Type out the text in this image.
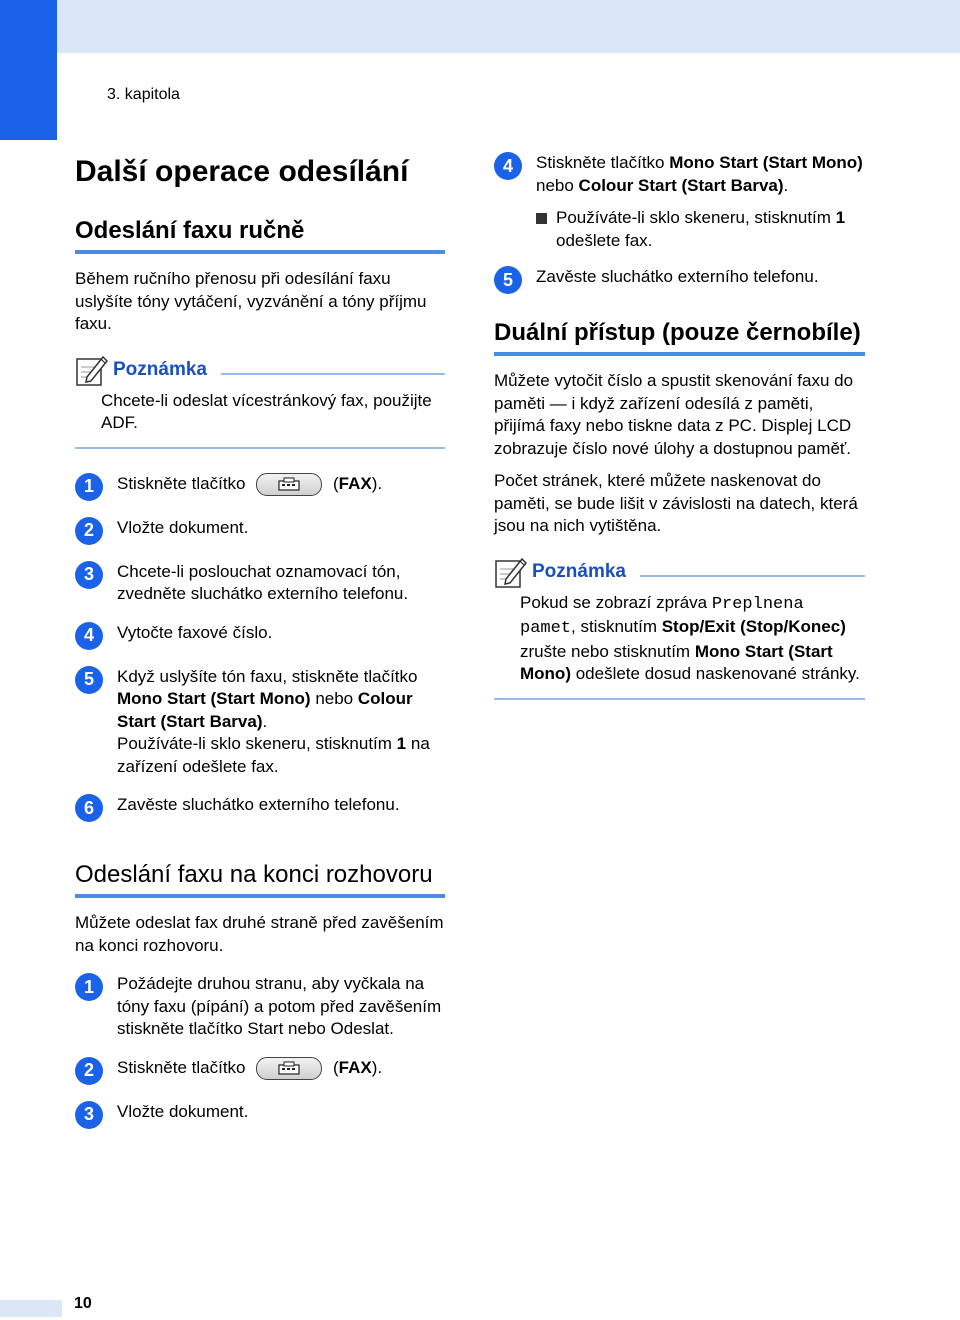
3. kapitola
Další operace odesílání
Odeslání faxu ručně

Během ručního přenosu při odesílání faxu uslyšíte tóny vytáčení, vyzvánění a tóny příjmu faxu.

Poznámka

Chcete-li odeslat vícestránkový fax, použijte ADF.

1	Stiskněte tlačítko	(FAX).
2	Vložte dokument.
3	Chcete-li poslouchat oznamovací tón, zvedněte sluchátko externího telefonu.
4	Vytočte faxové číslo.
5	Když uslyšíte tón faxu, stiskněte tlačítko Mono Start (Start Mono) nebo Colour Start (Start Barva).
Používáte-li sklo skeneru, stisknutím 1 na zařízení odešlete fax.
6	Zavěste sluchátko externího telefonu.
Odeslání faxu na konci rozhovoru

Můžete odeslat fax druhé straně před zavěšením na konci rozhovoru.

1	Požádejte druhou stranu, aby vyčkala na tóny faxu (pípání) a potom před zavěšením stiskněte tlačítko Start nebo Odeslat.
2	Stiskněte tlačítko	(FAX).
3	Vložte dokument.
4	Stiskněte tlačítko Mono Start (Start Mono) nebo Colour Start (Start Barva).
Používáte-li sklo skeneru, stisknutím 1 odešlete fax.
5	Zavěste sluchátko externího telefonu.
Duální přístup (pouze černobíle)

Můžete vytočit číslo a spustit skenování faxu do paměti — i když zařízení odesílá z paměti, přijímá faxy nebo tiskne data z PC. Displej LCD zobrazuje číslo nové úlohy a dostupnou paměť.

Počet stránek, které můžete naskenovat do paměti, se bude lišit v závislosti na datech, která jsou na nich vytištěna.

Poznámka

Pokud se zobrazí zpráva Preplnena pamet, stisknutím Stop/Exit (Stop/Konec) zrušte nebo stisknutím Mono Start (Start Mono) odešlete dosud naskenované stránky.

10
